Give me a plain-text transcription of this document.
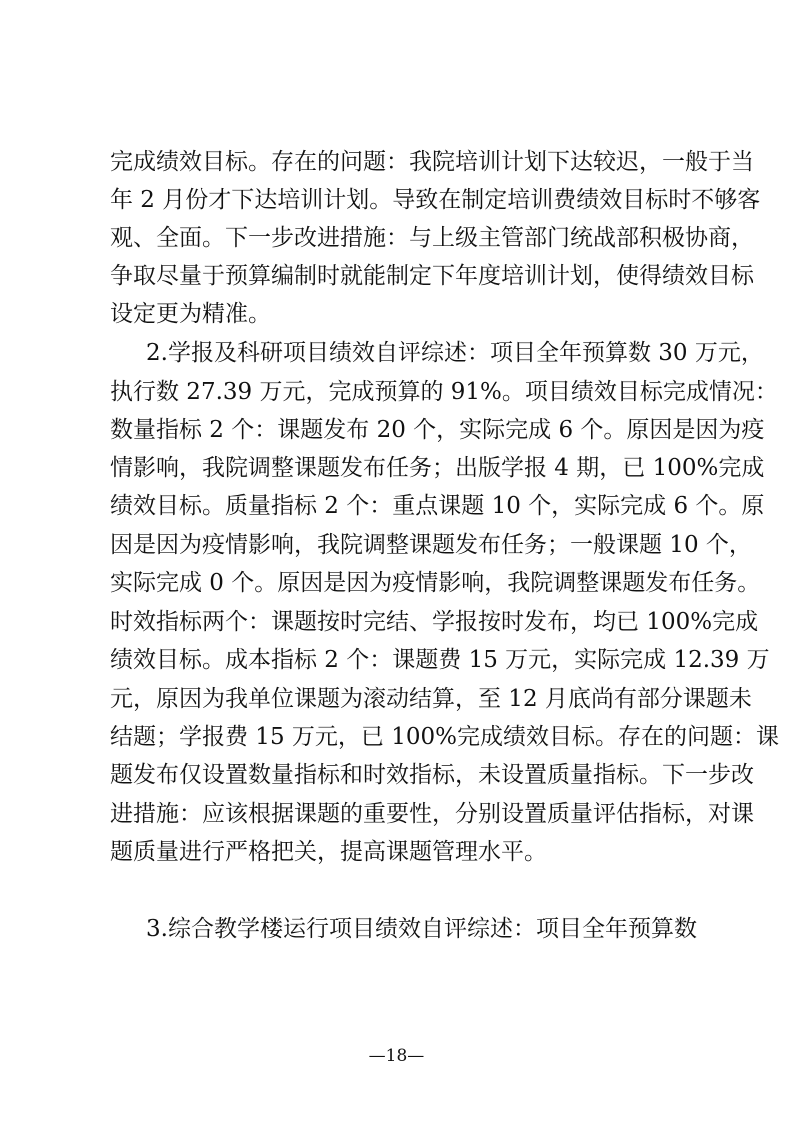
完成绩效目标。存在的问题：我院培训计划下达较迟，一般于当
年 2 月份才下达培训计划。导致在制定培训费绩效目标时不够客
观、全面。下一步改进措施：与上级主管部门统战部积极协商，
争取尽量于预算编制时就能制定下年度培训计划，使得绩效目标
设定更为精准。
2.学报及科研项目绩效自评综述：项目全年预算数 30 万元，
执行数 27.39 万元，完成预算的 91%。项目绩效目标完成情况：
数量指标 2 个：课题发布 20 个，实际完成 6 个。原因是因为疫
情影响，我院调整课题发布任务；出版学报 4 期，已 100%完成
绩效目标。质量指标 2 个：重点课题 10 个，实际完成 6 个。原
因是因为疫情影响，我院调整课题发布任务；一般课题 10 个，
实际完成 0 个。原因是因为疫情影响，我院调整课题发布任务。
时效指标两个：课题按时完结、学报按时发布，均已 100%完成
绩效目标。成本指标 2 个：课题费 15 万元，实际完成 12.39 万
元，原因为我单位课题为滚动结算，至 12 月底尚有部分课题未
结题；学报费 15 万元，已 100%完成绩效目标。存在的问题：课
题发布仅设置数量指标和时效指标，未设置质量指标。下一步改
进措施：应该根据课题的重要性，分别设置质量评估指标，对课
题质量进行严格把关，提高课题管理水平。
3.综合教学楼运行项目绩效自评综述：项目全年预算数
—18—
